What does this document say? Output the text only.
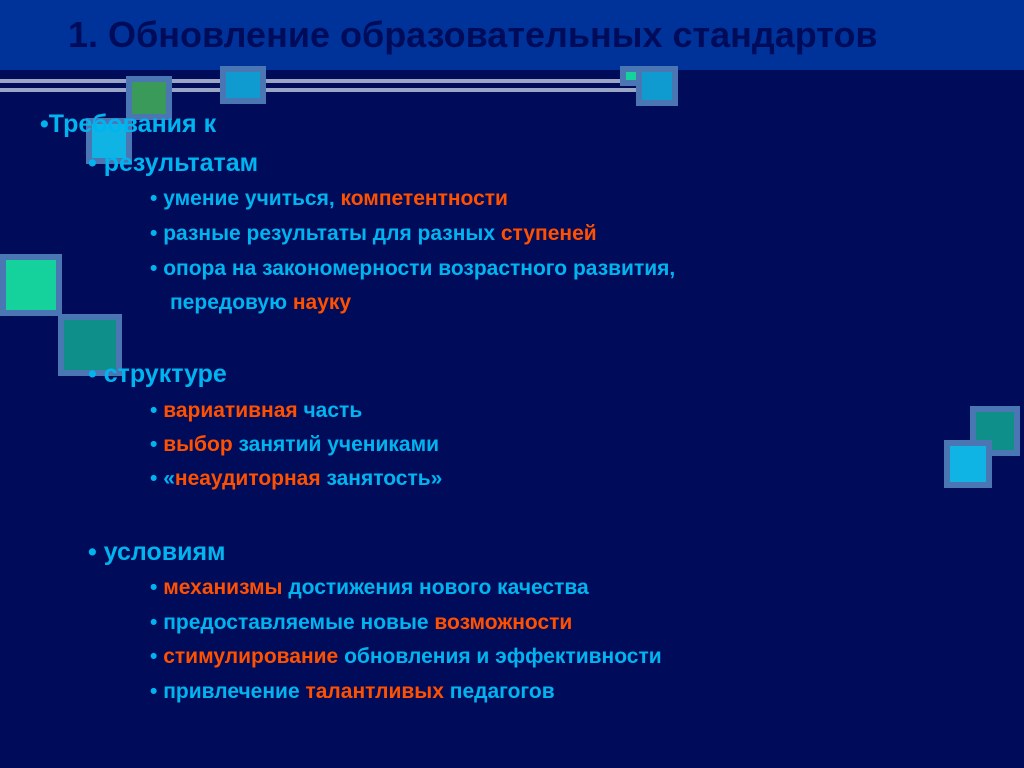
1. Обновление образовательных стандартов
•Требования к
• результатам
• умение учиться, компетентности
• разные результаты для разных ступеней
• опора на закономерности возрастного развития,
передовую науку
• структуре
• вариативная часть
• выбор занятий учениками
• «неаудиторная занятость»
• условиям
• механизмы достижения нового качества
• предоставляемые новые возможности
• стимулирование обновления и эффективности
• привлечение талантливых педагогов
